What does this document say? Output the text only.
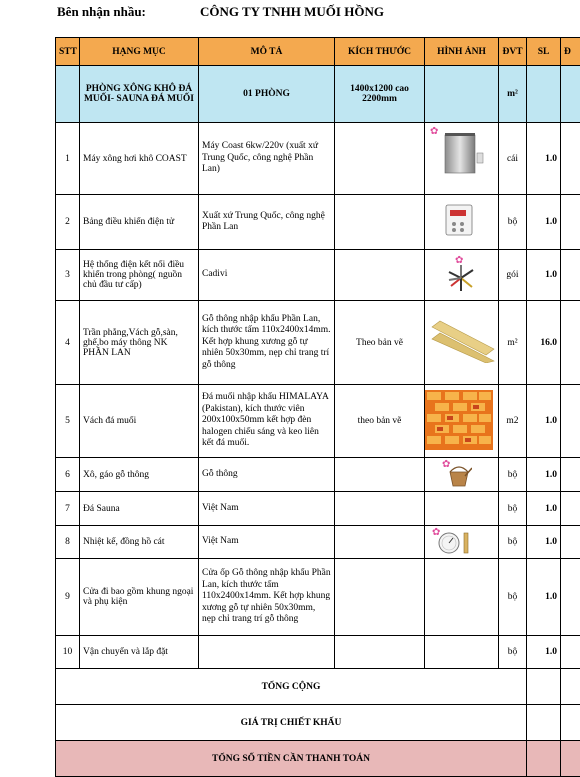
Bên nhận nhầu:	CÔNG TY TNHH MUỐI HỒNG
STT	HẠNG MỤC	MÔ TẢ	KÍCH THƯỚC	HÌNH ẢNH	ĐVT	SL	Đ
	PHÒNG XÔNG KHÔ ĐÁ MUỐI- SAUNA ĐÁ MUỐI	01 PHÒNG	1400x1200 cao 2200mm		m²		
1	Máy xông hơi khô COAST	Máy Coast 6kw/220v (xuất xứ Trung Quốc, công nghệ Phần Lan)		✿	cái	1.0	
2	Bảng điều khiển điện tử	Xuất xứ Trung Quốc, công nghệ Phần Lan			bộ	1.0	
3	Hệ thống điện kết nối điều khiển trong phòng( nguồn chủ đầu tư cấp)	Cadivi		✿	gói	1.0	
4	Trần phẳng,Vách gỗ,sàn, ghế,bo máy thông NK PHẦN LAN	Gỗ thông nhập khẩu Phần Lan, kích thước tấm 110x2400x14mm. Kết hợp khung xương gỗ tự nhiên 50x30mm, nẹp chỉ trang trí gỗ thông	Theo bản vẽ		m²	16.0	
5	Vách đá muối	Đá muối nhập khẩu HIMALAYA (Pakistan), kích thước viên 200x100x50mm kết hợp đèn halogen chiếu sáng và keo liên kết đá muối.	theo bản vẽ		m2	1.0	
6	Xô, gáo gỗ thông	Gỗ thông		✿	bộ	1.0	
7	Đá Sauna	Việt Nam			bộ	1.0	
8	Nhiệt kế, đồng hồ cát	Việt Nam		✿	bộ	1.0	
9	Cửa đi bao gồm khung ngoại và phụ kiện	Cửa ốp Gỗ thông nhập khẩu Phần Lan, kích thước tấm 110x2400x14mm. Kết hợp khung xương gỗ tự nhiên 50x30mm, nẹp chỉ trang trí gỗ thông			bộ	1.0	
10	Vận chuyển và lắp đặt				bộ	1.0	
TỔNG CỘNG							
GIÁ TRỊ CHIẾT KHẤU							
TỔNG SỐ TIỀN CẦN THANH TOÁN							
